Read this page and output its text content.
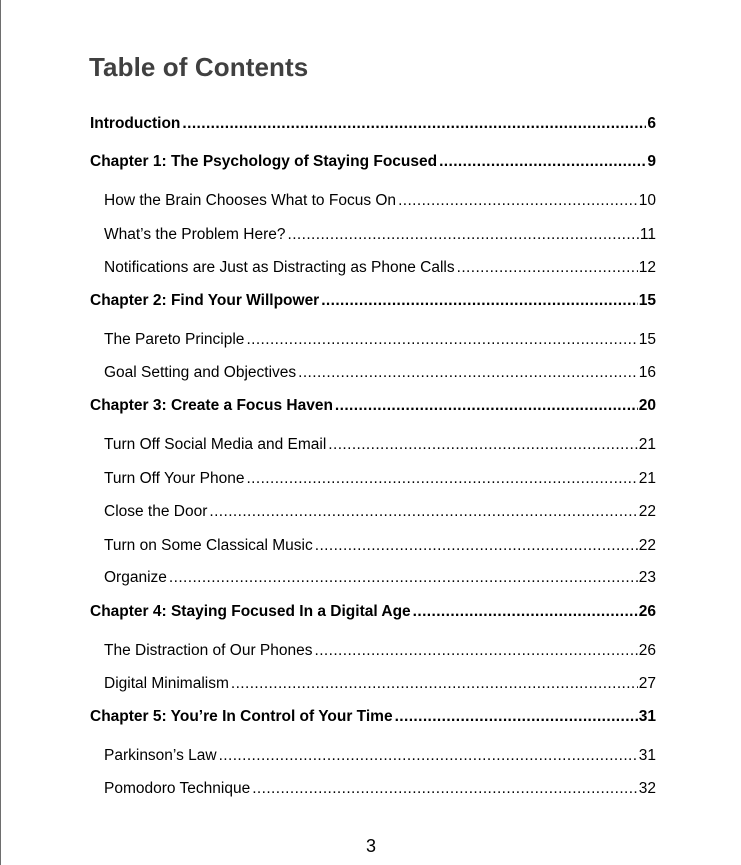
Table of Contents
Introduction .....	6
Chapter 1: The Psychology of Staying Focused .....	9
How the Brain Chooses What to Focus On .....	10
What’s the Problem Here? .....	11
Notifications are Just as Distracting as Phone Calls .....	12
Chapter 2: Find Your Willpower .....	15
The Pareto Principle .....	15
Goal Setting and Objectives .....	16
Chapter 3: Create a Focus Haven .....	20
Turn Off Social Media and Email .....	21
Turn Off Your Phone .....	21
Close the Door .....	22
Turn on Some Classical Music .....	22
Organize .....	23
Chapter 4: Staying Focused In a Digital Age .....	26
The Distraction of Our Phones .....	26
Digital Minimalism .....	27
Chapter 5: You’re In Control of Your Time .....	31
Parkinson’s Law .....	31
Pomodoro Technique .....	32
3
